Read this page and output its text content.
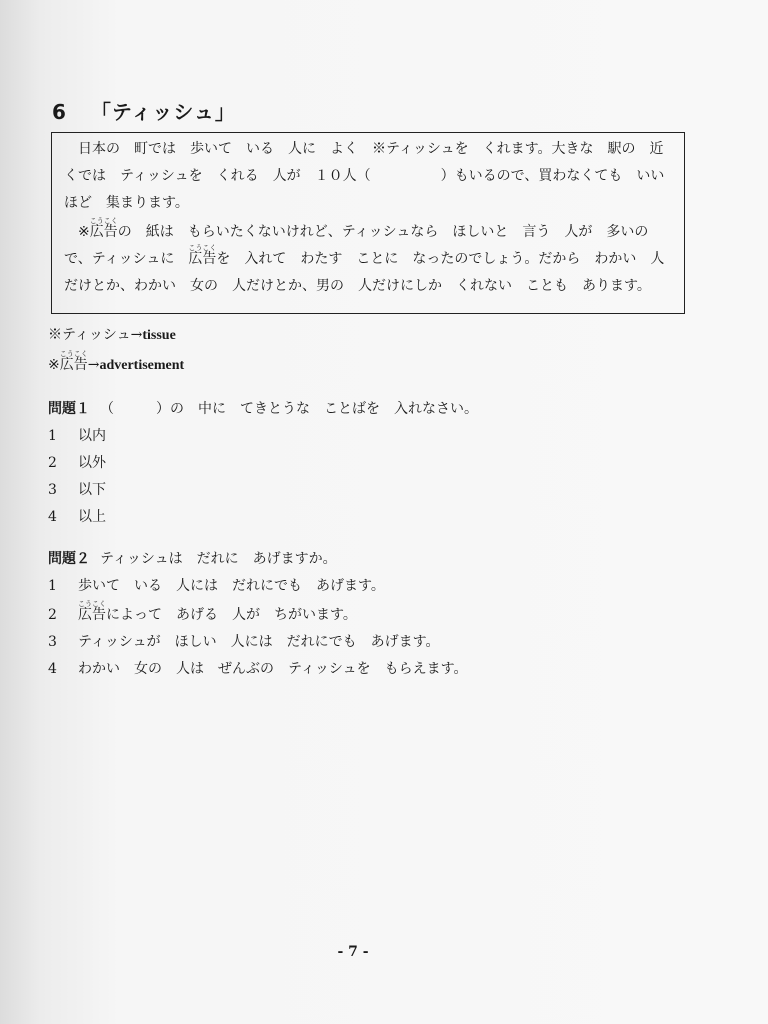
6 「ティッシュ」

日本の　町では　歩いて　いる　人に　よく　※ティッシュを　くれます。大きな　駅の　近くでは　ティッシュを　くれる　人が　１０人（　　　　　）もいるので、買わなくても　いいほど　集まります。

※広告こうこくの　紙は　もらいたくないけれど、ティッシュなら　ほしいと　言う　人が　多いので、ティッシュに　広告こうこくを　入れて　わたす　ことに　なったのでしょう。だから　わかい　人だけとか、わかい　女の　人だけとか、男の　人だけにしか　くれない　ことも　あります。

※ティッシュ→tissue
※広告こうこく→advertisement
問題１ （　　　）の　中に　てきとうな　ことばを　入れなさい。
1 以内
2 以外
3 以下
4 以上
問題２ ティッシュは　だれに　あげますか。
1 歩いて　いる　人には　だれにでも　あげます。
2 広告こうこくによって　あげる　人が　ちがいます。
3 ティッシュが　ほしい　人には　だれにでも　あげます。
4 わかい　女の　人は　ぜんぶの　ティッシュを　もらえます。
- 7 -
